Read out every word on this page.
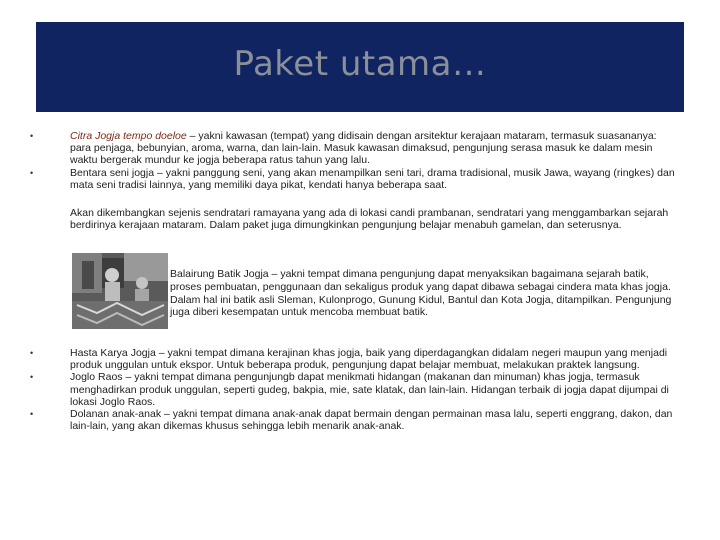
Paket utama…
•	Citra Jogja tempo doeloe – yakni kawasan (tempat) yang didisain dengan arsitektur kerajaan mataram, termasuk suasananya: para penjaga, bebunyian, aroma, warna, dan lain-lain. Masuk kawasan dimaksud, pengunjung serasa masuk ke dalam mesin waktu bergerak mundur ke jogja beberapa ratus tahun yang lalu.
•	Bentara seni jogja – yakni panggung seni, yang akan menampilkan seni tari, drama tradisional, musik Jawa, wayang (ringkes) dan mata seni tradisi lainnya, yang memiliki daya pikat, kendati hanya beberapa saat.
Akan dikembangkan sejenis sendratari ramayana yang ada di lokasi candi prambanan, sendratari yang menggambarkan sejarah berdirinya kerajaan mataram. Dalam paket juga dimungkinkan pengunjung belajar menabuh gamelan, dan seterusnya.
Balairung Batik Jogja – yakni tempat dimana pengunjung dapat menyaksikan bagaimana sejarah batik, proses pembuatan, penggunaan dan sekaligus produk yang dapat dibawa sebagai cindera mata khas jogja. Dalam hal ini batik asli Sleman, Kulonprogo, Gunung Kidul, Bantul dan Kota Jogja, ditampilkan. Pengunjung juga diberi kesempatan untuk mencoba membuat batik.
•	Hasta Karya Jogja – yakni tempat dimana kerajinan khas jogja, baik yang diperdagangkan didalam negeri maupun yang menjadi produk unggulan untuk ekspor. Untuk beberapa produk, pengunjung dapat belajar membuat, melakukan praktek langsung.
•	Joglo Raos – yakni tempat dimana pengunjungb dapat menikmati hidangan (makanan dan minuman) khas jogja, termasuk menghadirkan produk unggulan, seperti gudeg, bakpia, mie, sate klatak, dan lain-lain. Hidangan terbaik di jogja dapat dijumpai di lokasi Joglo Raos.
•	Dolanan anak-anak – yakni tempat dimana anak-anak dapat bermain dengan permainan masa lalu, seperti enggrang, dakon, dan lain-lain, yang akan dikemas khusus sehingga lebih menarik anak-anak.
